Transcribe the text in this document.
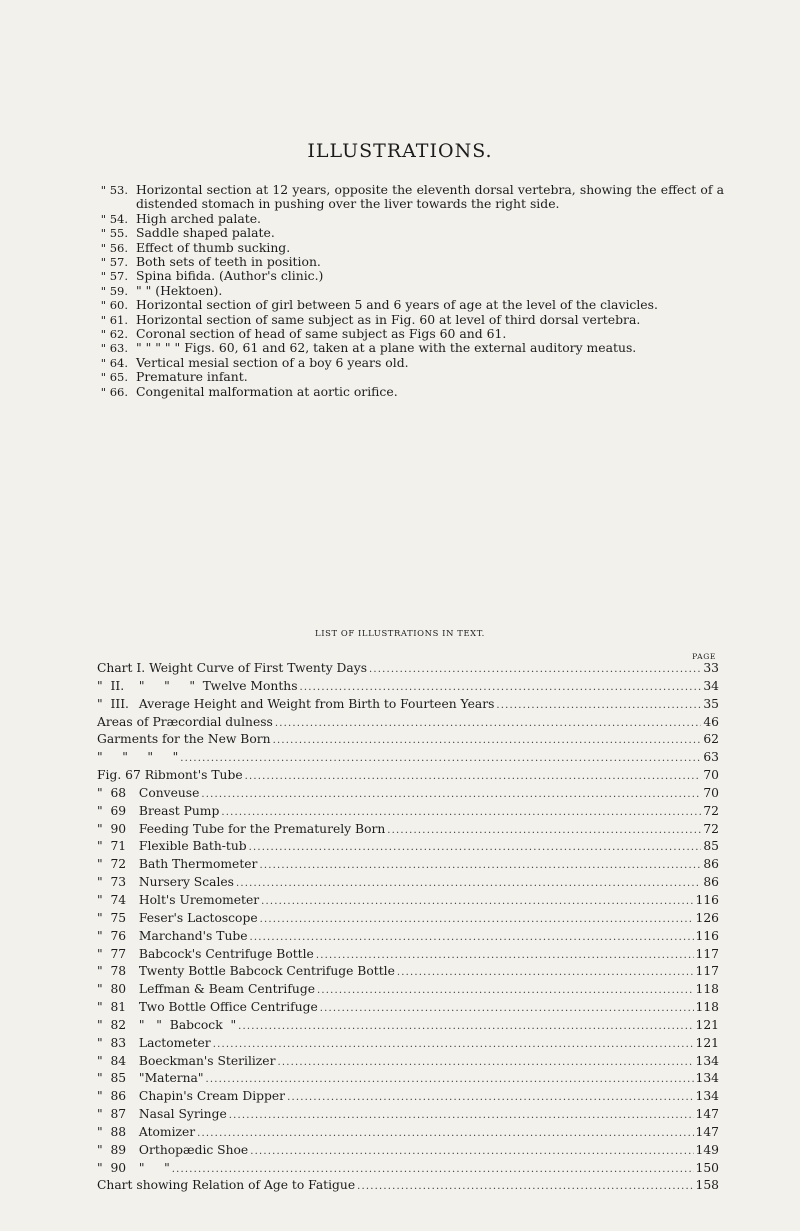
ILLUSTRATIONS.
" 53. Horizontal section at 12 years, opposite the eleventh dorsal vertebra, showing the effect of a distended stomach in pushing over the liver towards the right side.
" 54. High arched palate.
" 55. Saddle shaped palate.
" 56. Effect of thumb sucking.
" 57. Both sets of teeth in position.
" 57. Spina bifida. (Author's clinic.)
" 59. " " (Hektoen).
" 60. Horizontal section of girl between 5 and 6 years of age at the level of the clavicles.
" 61. Horizontal section of same subject as in Fig. 60 at level of third dorsal vertebra.
" 62. Coronal section of head of same subject as Figs 60 and 61.
" 63. " " " " " Figs. 60, 61 and 62, taken at a plane with the external auditory meatus.
" 64. Vertical mesial section of a boy 6 years old.
" 65. Premature infant.
" 66. Congenital malformation at aortic orifice.
LIST OF ILLUSTRATIONS IN TEXT.
PAGE
Chart I. Weight Curve of First Twenty Days .....	33
"  II. "     "     "  Twelve Months .....	34
"  III. Average Height and Weight from Birth to Fourteen Years .....	35
Areas of Præcordial dulness .....	46
Garments for the New Born .....	62
"     "     "     " .....	63
Fig. 67 Ribmont's Tube .....	70
"  68 Conveuse .....	70
"  69 Breast Pump .....	72
"  90 Feeding Tube for the Prematurely Born .....	72
"  71 Flexible Bath-tub .....	85
"  72 Bath Thermometer .....	86
"  73 Nursery Scales .....	86
"  74 Holt's Uremometer .....	116
"  75 Feser's Lactoscope .....	126
"  76 Marchand's Tube .....	116
"  77 Babcock's Centrifuge Bottle .....	117
"  78 Twenty Bottle Babcock Centrifuge Bottle .....	117
"  80 Leffman & Beam Centrifuge .....	118
"  81 Two Bottle Office Centrifuge .....	118
"  82 "   "  Babcock  " .....	121
"  83 Lactometer .....	121
"  84 Boeckman's Sterilizer .....	134
"  85 "Materna" .....	134
"  86 Chapin's Cream Dipper .....	134
"  87 Nasal Syringe .....	147
"  88 Atomizer .....	147
"  89 Orthopædic Shoe .....	149
"  90 "     " .....	150
Chart showing Relation of Age to Fatigue .....	158
